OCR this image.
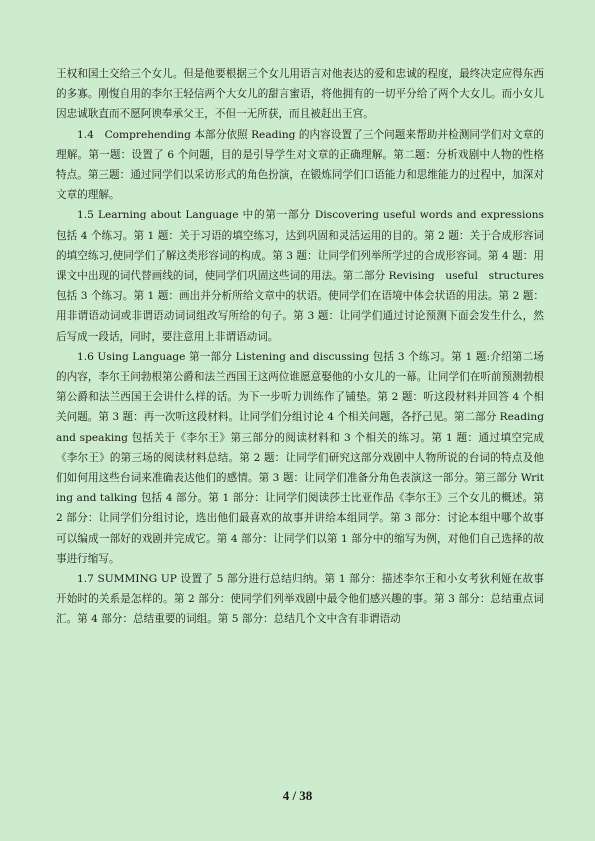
王权和国土交给三个女儿。但是他要根据三个女儿用语言对他表达的爱和忠诚的程度，最终决定应得东西的多寡。刚愎自用的李尔王轻信两个大女儿的甜言蜜语，将他拥有的一切平分给了两个大女儿。而小女儿因忠诚耿直而不愿阿谀奉承父王，不但一无所获，而且被赶出王宫。

1.4　Comprehending 本部分依照 Reading 的内容设置了三个问题来帮助并检测同学们对文章的理解。第一题：设置了 6 个问题，目的是引导学生对文章的正确理解。第二题：分析戏剧中人物的性格特点。第三题：通过同学们以采访形式的角色扮演，在锻炼同学们口语能力和思维能力的过程中，加深对文章的理解。

1.5 Learning about Language 中的第一部分 Discovering useful words and expressions 包括 4 个练习。第 1 题：关于习语的填空练习，达到巩固和灵活运用的目的。第 2 题：关于合成形容词的填空练习,使同学们了解这类形容词的构成。第 3 题：让同学们列举所学过的合成形容词。第 4 题：用课文中出现的词代替画线的词，使同学们巩固这些词的用法。第二部分 Revising　useful　structures 包括 3 个练习。第 1 题：画出并分析所给文章中的状语。使同学们在语境中体会状语的用法。第 2 题：用非谓语动词或非谓语动词词组改写所给的句子。第 3 题：让同学们通过讨论预测下面会发生什么，然后写成一段话，同时，要注意用上非谓语动词。

1.6 Using Language 第一部分 Listening and discussing 包括 3 个练习。第 1 题:介绍第二场的内容，李尔王问勃根第公爵和法兰西国王这两位谁愿意娶他的小女儿的一幕。让同学们在听前预测勃根第公爵和法兰西国王会讲什么样的话。为下一步听力训练作了铺垫。第 2 题：听这段材料并回答 4 个相关问题。第 3 题：再一次听这段材料。让同学们分组讨论 4 个相关问题，各抒己见。第二部分 Reading and speaking 包括关于《李尔王》第三部分的阅读材料和 3 个相关的练习。第 1 题：通过填空完成《李尔王》的第三场的阅读材料总结。第 2 题：让同学们研究这部分戏剧中人物所说的台词的特点及他们如何用这些台词来准确表达他们的感情。第 3 题：让同学们准备分角色表演这一部分。第三部分 Writing and talking 包括 4 部分。第 1 部分：让同学们阅读莎士比亚作品《李尔王》三个女儿的概述。第 2 部分：让同学们分组讨论，选出他们最喜欢的故事并讲给本组同学。第 3 部分：讨论本组中哪个故事可以编成一部好的戏剧并完成它。第 4 部分：让同学们以第 1 部分中的缩写为例，对他们自己选择的故事进行缩写。

1.7 SUMMING UP 设置了 5 部分进行总结归纳。第 1 部分：描述李尔王和小女考狄利娅在故事开始时的关系是怎样的。第 2 部分：使同学们列举戏剧中最令他们感兴趣的事。第 3 部分：总结重点词汇。第 4 部分：总结重要的词组。第 5 部分：总结几个文中含有非谓语动

4 / 38
